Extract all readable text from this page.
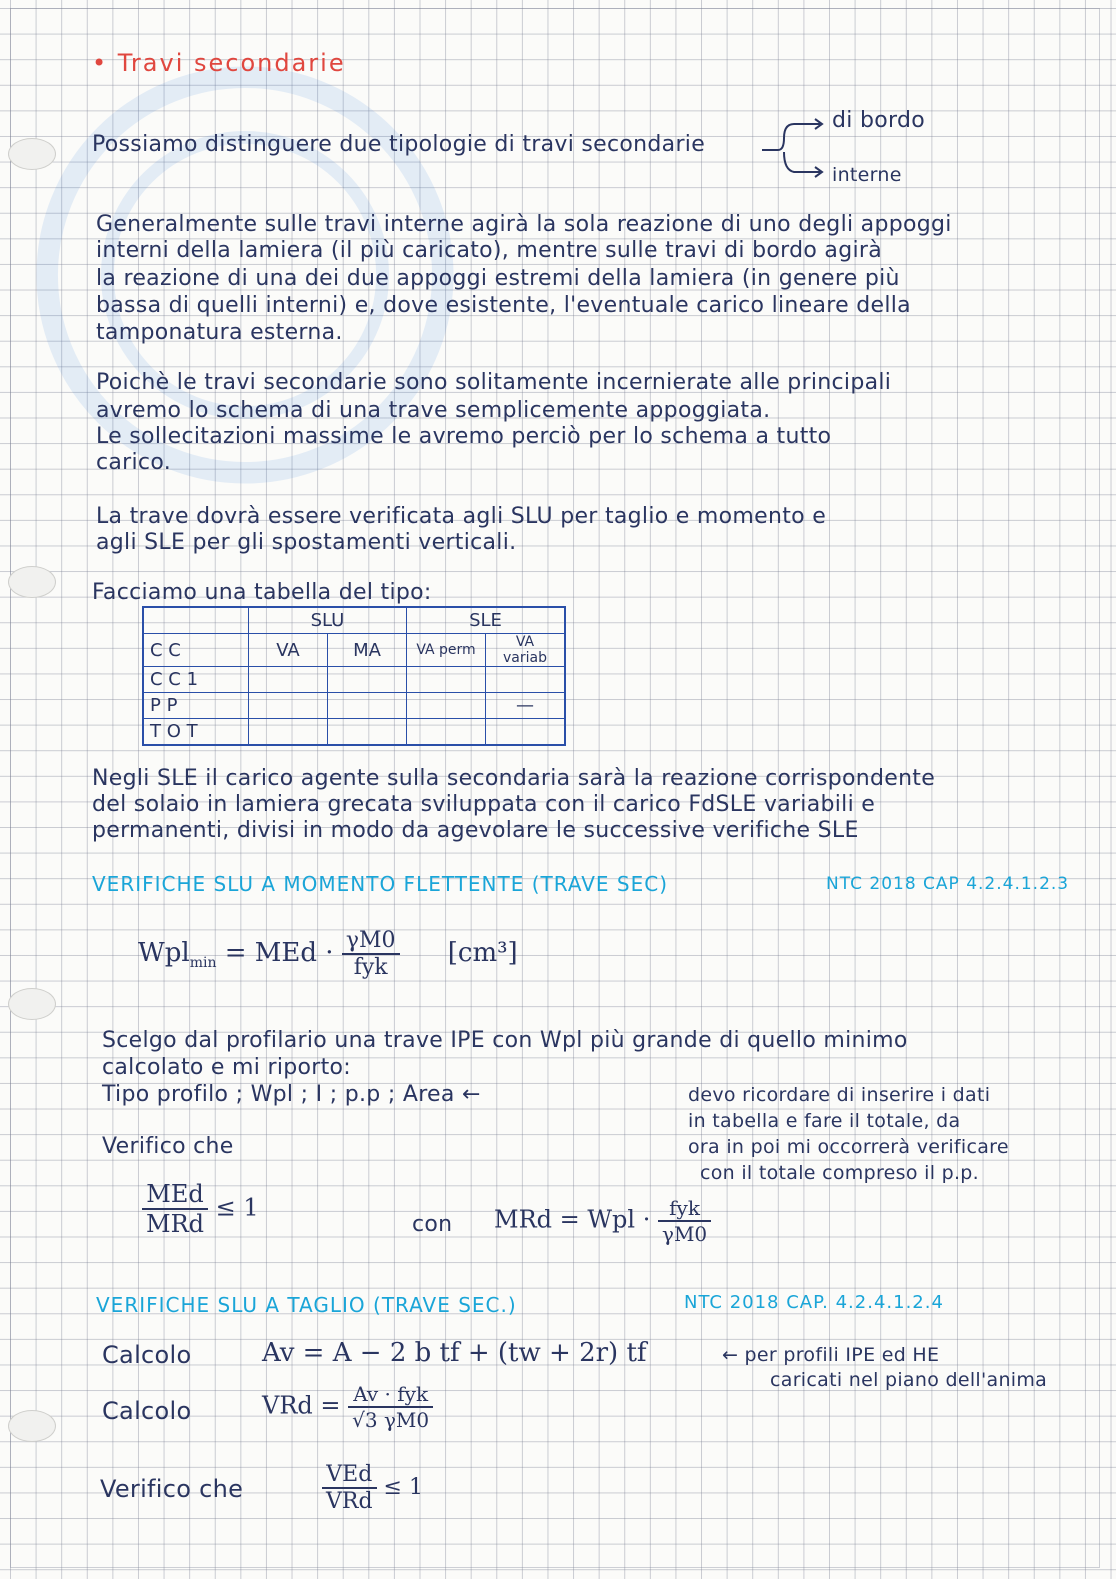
• Travi secondarie
Possiamo distinguere due tipologie di travi secondarie
di bordo
interne
Generalmente sulle travi interne agirà la sola reazione di uno degli appoggi
interni della lamiera (il più caricato), mentre sulle travi di bordo agirà
la reazione di una dei due appoggi estremi della lamiera (in genere più
bassa di quelli interni) e, dove esistente, l'eventuale carico lineare della
tamponatura esterna.
Poichè le travi secondarie sono solitamente incernierate alle principali
avremo lo schema di una trave semplicemente appoggiata.
Le sollecitazioni massime le avremo perciò per lo schema a tutto
carico.
La trave dovrà essere verificata agli SLU per taglio e momento e
agli SLE per gli spostamenti verticali.
Facciamo una tabella del tipo:
	SLU		SLE	
C C	VA	MA	VA perm	VA variab
C C 1				
P P				—
T O T				
Negli SLE il carico agente sulla secondaria sarà la reazione corrispondente
del solaio in lamiera grecata sviluppata con il carico FdSLE variabili e
permanenti, divisi in modo da agevolare le successive verifiche SLE
VERIFICHE SLU A MOMENTO FLETTENTE (TRAVE SEC)	NTC 2018 CAP 4.2.4.1.2.3
Wpl$_{min}$ = MEd · $\frac{\gamma M0}{\text{fyk}} [cm^3]$
Scelgo dal profilario una trave IPE con Wpl più grande di quello minimo
calcolato e mi riporto:
Tipo profilo ; Wpl ; I ; p.p ; Area ←	devo ricordare di inserire i dati
in tabella e fare il totale, da
ora in poi mi occorrerà verificare
con il totale compreso il p.p.
Verifico che
$\frac{\text{MEd}}{\text{MRd}} \le 1$
con MRd = Wpl · $\frac{\text{fyk}}{\gamma M0}$
VERIFICHE SLU A TAGLIO (TRAVE SEC.)	NTC 2018 CAP. 4.2.4.1.2.4
Calcolo	Av = A − 2 b tf + (tw + 2r) tf	← per profili IPE ed HE
caricati nel piano dell'anima
Calcolo	VRd = $\frac{\text{Av · fyk}}{√3 \gamma M0}$
Verifico che	$\frac{\text{VEd}}{\text{VRd}} \le 1$
